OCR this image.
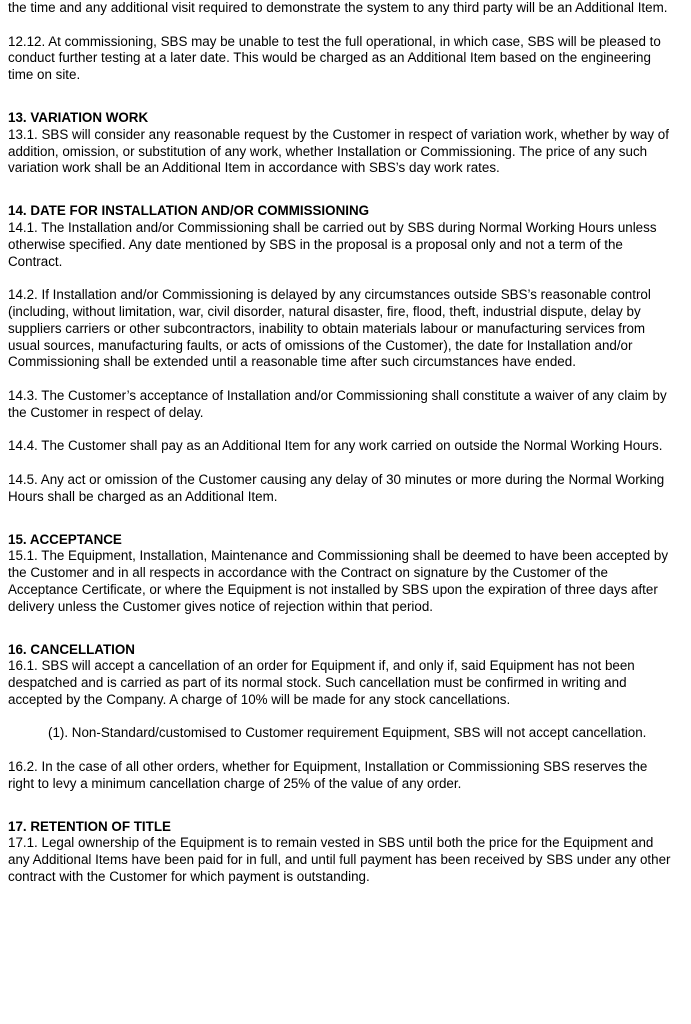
the time and any additional visit required to demonstrate the system to any third party will be an Additional Item.

12.12. At commissioning, SBS may be unable to test the full operational, in which case, SBS will be pleased to conduct further testing at a later date. This would be charged as an Additional Item based on the engineering time on site.

13. VARIATION WORK

13.1. SBS will consider any reasonable request by the Customer in respect of variation work, whether by way of addition, omission, or substitution of any work, whether Installation or Commissioning. The price of any such variation work shall be an Additional Item in accordance with SBS’s day work rates.

14. DATE FOR INSTALLATION AND/OR COMMISSIONING

14.1. The Installation and/or Commissioning shall be carried out by SBS during Normal Working Hours unless otherwise specified. Any date mentioned by SBS in the proposal is a proposal only and not a term of the Contract.

14.2. If Installation and/or Commissioning is delayed by any circumstances outside SBS’s reasonable control (including, without limitation, war, civil disorder, natural disaster, fire, flood, theft, industrial dispute, delay by suppliers carriers or other subcontractors, inability to obtain materials labour or manufacturing services from usual sources, manufacturing faults, or acts of omissions of the Customer), the date for Installation and/or Commissioning shall be extended until a reasonable time after such circumstances have ended.

14.3. The Customer’s acceptance of Installation and/or Commissioning shall constitute a waiver of any claim by the Customer in respect of delay.

14.4. The Customer shall pay as an Additional Item for any work carried on outside the Normal Working Hours.

14.5. Any act or omission of the Customer causing any delay of 30 minutes or more during the Normal Working Hours shall be charged as an Additional Item.

15. ACCEPTANCE

15.1. The Equipment, Installation, Maintenance and Commissioning shall be deemed to have been accepted by the Customer and in all respects in accordance with the Contract on signature by the Customer of the Acceptance Certificate, or where the Equipment is not installed by SBS upon the expiration of three days after delivery unless the Customer gives notice of rejection within that period.

16. CANCELLATION

16.1. SBS will accept a cancellation of an order for Equipment if, and only if, said Equipment has not been despatched and is carried as part of its normal stock. Such cancellation must be confirmed in writing and accepted by the Company. A charge of 10% will be made for any stock cancellations.

(1). Non-Standard/customised to Customer requirement Equipment, SBS will not accept cancellation.

16.2. In the case of all other orders, whether for Equipment, Installation or Commissioning SBS reserves the right to levy a minimum cancellation charge of 25% of the value of any order.

17. RETENTION OF TITLE

17.1. Legal ownership of the Equipment is to remain vested in SBS until both the price for the Equipment and any Additional Items have been paid for in full, and until full payment has been received by SBS under any other contract with the Customer for which payment is outstanding.
